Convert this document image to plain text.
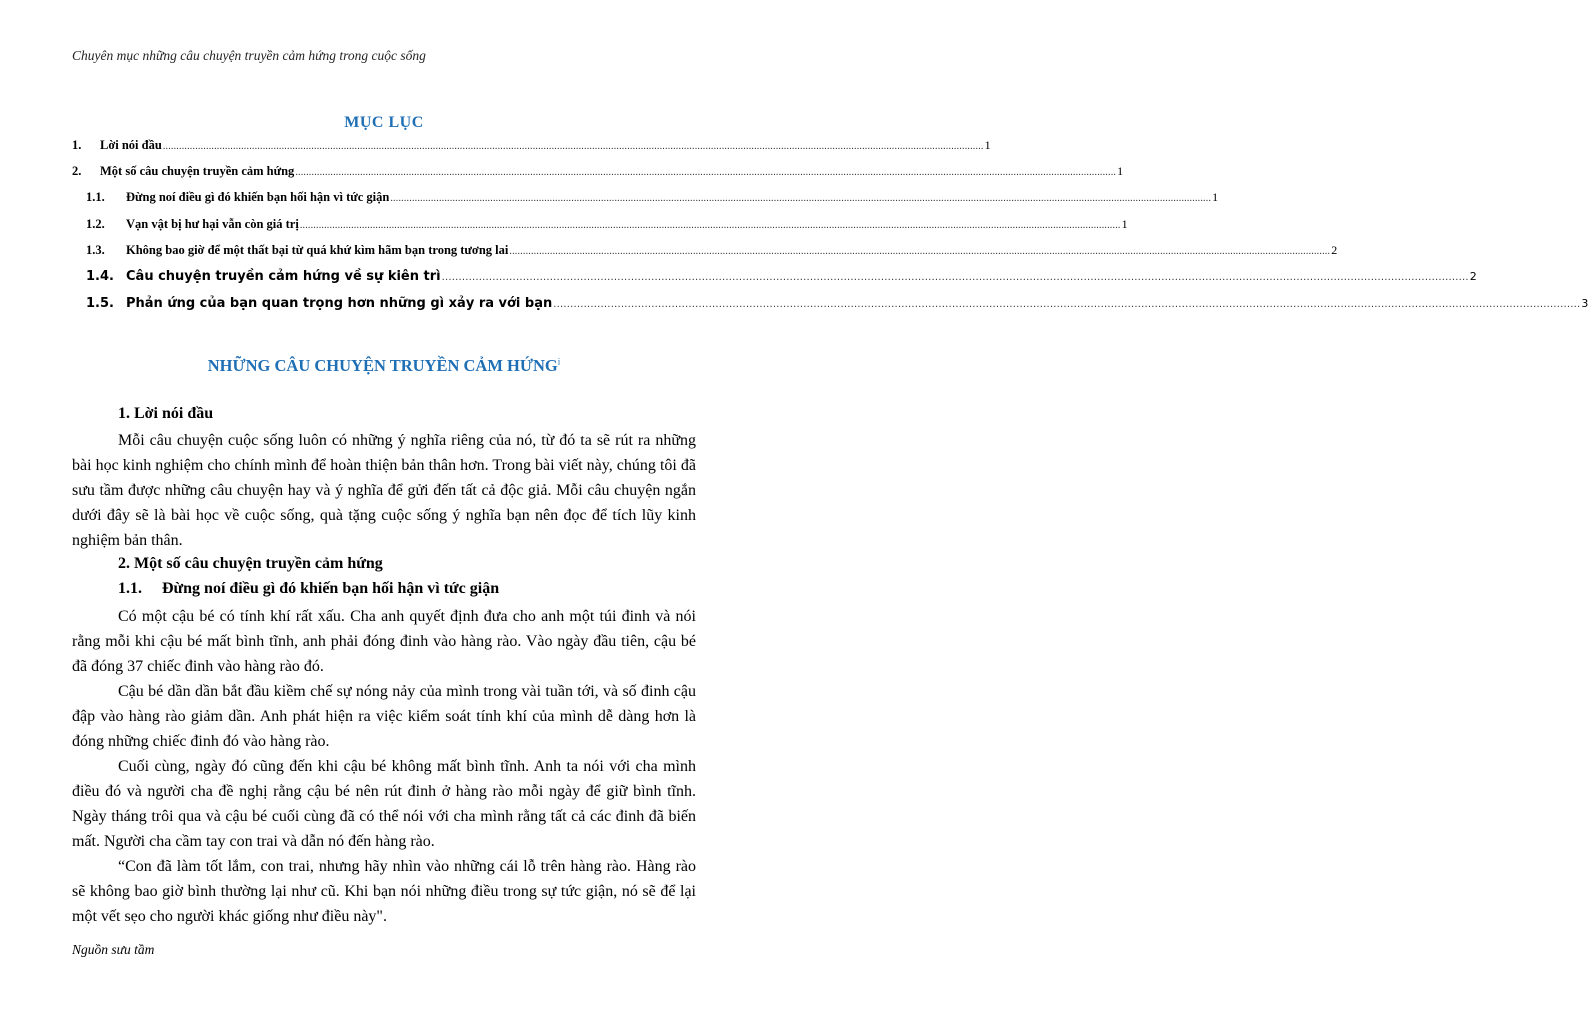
Chuyên mục những câu chuyện truyền cảm hứng trong cuộc sống
MỤC LỤC
1.	Lời nói đầu .....	1
2.	Một số câu chuyện truyền cảm hứng .....	1
1.1.	Đừng noí điều gì đó khiến bạn hối hận vì tức giận .....	1
1.2.	Vạn vật bị hư hại vẫn còn giá trị .....	1
1.3.	Không bao giờ để một thất bại từ quá khứ kìm hãm bạn trong tương lai .....	2
1.4. Câu chuyện truyền cảm hứng về sự kiên trì .....	2
1.5. Phản ứng của bạn quan trọng hơn những gì xảy ra với bạn .....	3
NHỮNG CÂU CHUYỆN TRUYỀN CẢM HỨNG$^i$
1. Lời nói đầu

Mỗi câu chuyện cuộc sống luôn có những ý nghĩa riêng của nó, từ đó ta sẽ rút ra những bài học kinh nghiệm cho chính mình để hoàn thiện bản thân hơn. Trong bài viết này, chúng tôi đã sưu tầm được những câu chuyện hay và ý nghĩa để gửi đến tất cả độc giả. Mỗi câu chuyện ngắn dưới đây sẽ là bài học về cuộc sống, quà tặng cuộc sống ý nghĩa bạn nên đọc để tích lũy kinh nghiệm bản thân.

2. Một số câu chuyện truyền cảm hứng
1.1. Đừng noí điều gì đó khiến bạn hối hận vì tức giận

Có một cậu bé có tính khí rất xấu. Cha anh quyết định đưa cho anh một túi đinh và nói rằng mỗi khi cậu bé mất bình tĩnh, anh phải đóng đinh vào hàng rào. Vào ngày đầu tiên, cậu bé đã đóng 37 chiếc đinh vào hàng rào đó.

Cậu bé dần dần bắt đầu kiềm chế sự nóng nảy của mình trong vài tuần tới, và số đinh cậu đập vào hàng rào giảm dần. Anh phát hiện ra việc kiểm soát tính khí của mình dễ dàng hơn là đóng những chiếc đinh đó vào hàng rào.

Cuối cùng, ngày đó cũng đến khi cậu bé không mất bình tĩnh. Anh ta nói với cha mình điều đó và người cha đề nghị rằng cậu bé nên rút đinh ở hàng rào mỗi ngày để giữ bình tĩnh. Ngày tháng trôi qua và cậu bé cuối cùng đã có thể nói với cha mình rằng tất cả các đinh đã biến mất. Người cha cầm tay con trai và dẫn nó đến hàng rào.

“Con đã làm tốt lắm, con trai, nhưng hãy nhìn vào những cái lỗ trên hàng rào. Hàng rào sẽ không bao giờ bình thường lại như cũ. Khi bạn nói những điều trong sự tức giận, nó sẽ để lại một vết sẹo cho người khác giống như điều này".

Nguồn sưu tầm
